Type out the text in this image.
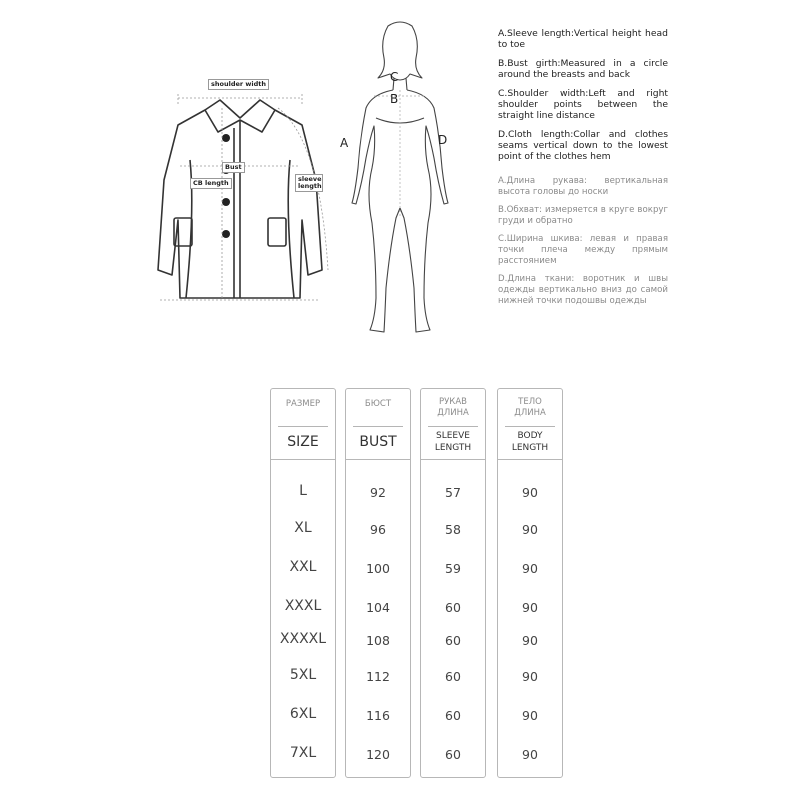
shoulder width
Bust
CB length	sleeve length
C
B
A	D
A.Sleeve length:Vertical height head to toe
B.Bust girth:Measured in a circle around the breasts and back
C.Shoulder width:Left and right shoulder points between the straight line distance
D.Cloth length:Collar and clothes seams vertical down to the lowest point of the clothes hem
A.Длина рукава: вертикальная высота головы до носки
B.Обхват: измеряется в круге вокруг груди и обратно
C.Ширина шкива: левая и правая точки плеча между прямым расстоянием
D.Длина ткани: воротник и швы одежды вертикально вниз до самой нижней точки подошвы одежды
РАЗМЕР
SIZE
L
XL
XXL
XXXL
XXXXL
5XL
6XL
7XL
БЮСТ
BUST
92
96
100
104
108
112
116
120
РУКАВ ДЛИНА
SLEEVE LENGTH
57
58
59
60
60
60
60
60
ТЕЛО ДЛИНА
BODY LENGTH
90
90
90
90
90
90
90
90
